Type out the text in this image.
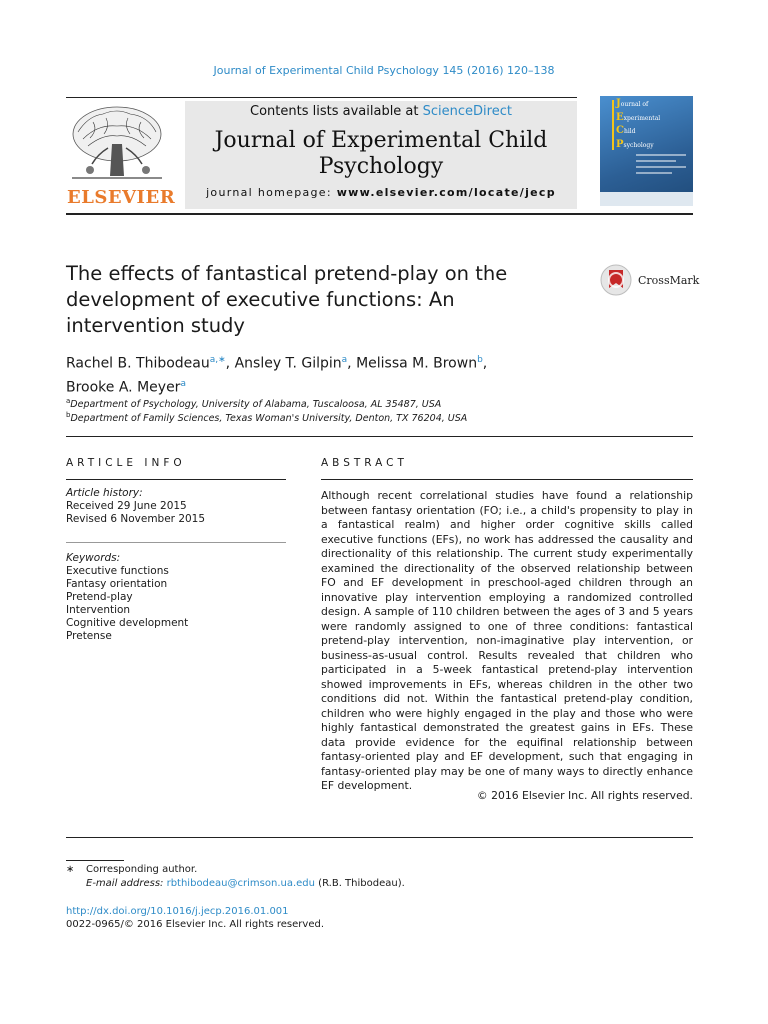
Journal of Experimental Child Psychology 145 (2016) 120–138
ELSEVIER
Contents lists available at ScienceDirect
Journal of Experimental Child
Psychology
journal homepage: www.elsevier.com/locate/jecp
Journal of
Experimental
Child
Psychology
The effects of fantastical pretend-play on the
development of executive functions: An
intervention study
CrossMark
Rachel B. Thibodeau$^{a,∗}$, Ansley T. Gilpin$^a$, Melissa M. Brown$^b$,
Brooke A. Meyer$^a$
$^a$Department of Psychology, University of Alabama, Tuscaloosa, AL 35487, USA
$^b$Department of Family Sciences, Texas Woman's University, Denton, TX 76204, USA
ARTICLE INFO	ABSTRACT
Article history:
Received 29 June 2015
Revised 6 November 2015
Keywords:
Executive functions
Fantasy orientation
Pretend-play
Intervention
Cognitive development
Pretense
Although recent correlational studies have found a relationship between fantasy orientation (FO; i.e., a child's propensity to play in a fantastical realm) and higher order cognitive skills called executive functions (EFs), no work has addressed the causality and directionality of this relationship. The current study experimentally examined the directionality of the observed relationship between FO and EF development in preschool-aged children through an innovative play intervention employing a randomized controlled design. A sample of 110 children between the ages of 3 and 5 years were randomly assigned to one of three conditions: fantastical pretend-play intervention, non-imaginative play intervention, or business-as-usual control. Results revealed that children who participated in a 5-week fantastical pretend-play intervention showed improvements in EFs, whereas children in the other two conditions did not. Within the fantastical pretend-play condition, children who were highly engaged in the play and those who were highly fantastical demonstrated the greatest gains in EFs. These data provide evidence for the equifinal relationship between fantasy-oriented play and EF development, such that engaging in fantasy-oriented play may be one of many ways to directly enhance EF development.
© 2016 Elsevier Inc. All rights reserved.
∗ Corresponding author.
E-mail address: rbthibodeau@crimson.ua.edu (R.B. Thibodeau).
http://dx.doi.org/10.1016/j.jecp.2016.01.001
0022-0965/© 2016 Elsevier Inc. All rights reserved.
